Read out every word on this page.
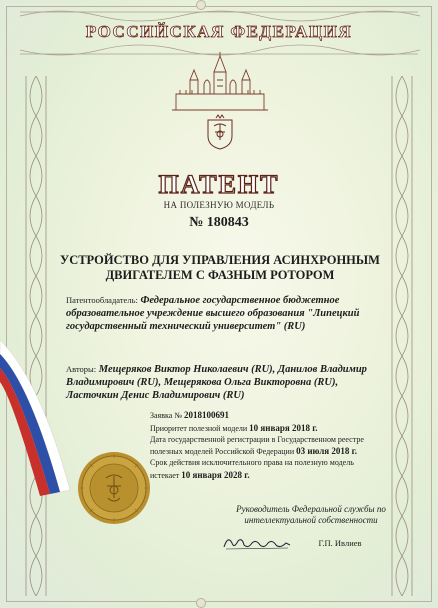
РОССИЙСКАЯ ФЕДЕРАЦИЯ
ПАТЕНТ
НА ПОЛЕЗНУЮ МОДЕЛЬ
№ 180843
УСТРОЙСТВО ДЛЯ УПРАВЛЕНИЯ АСИНХРОННЫМ ДВИГАТЕЛЕМ С ФАЗНЫМ РОТОРОМ
Патентообладатель: Федеральное государственное бюджетное образовательное учреждение высшего образования "Липецкий государственный технический университет" (RU)
Авторы: Мещеряков Виктор Николаевич (RU), Данилов Владимир Владимирович (RU), Мещерякова Ольга Викторовна (RU), Ласточкин Денис Владимирович (RU)
Заявка № 2018100691
Приоритет полезной модели 10 января 2018 г.
Дата государственной регистрации в Государственном реестре полезных моделей Российской Федерации 03 июля 2018 г.
Срок действия исключительного права на полезную модель истекает 10 января 2028 г.
Руководитель Федеральной службы по интеллектуальной собственности
Г.П. Ивлиев
